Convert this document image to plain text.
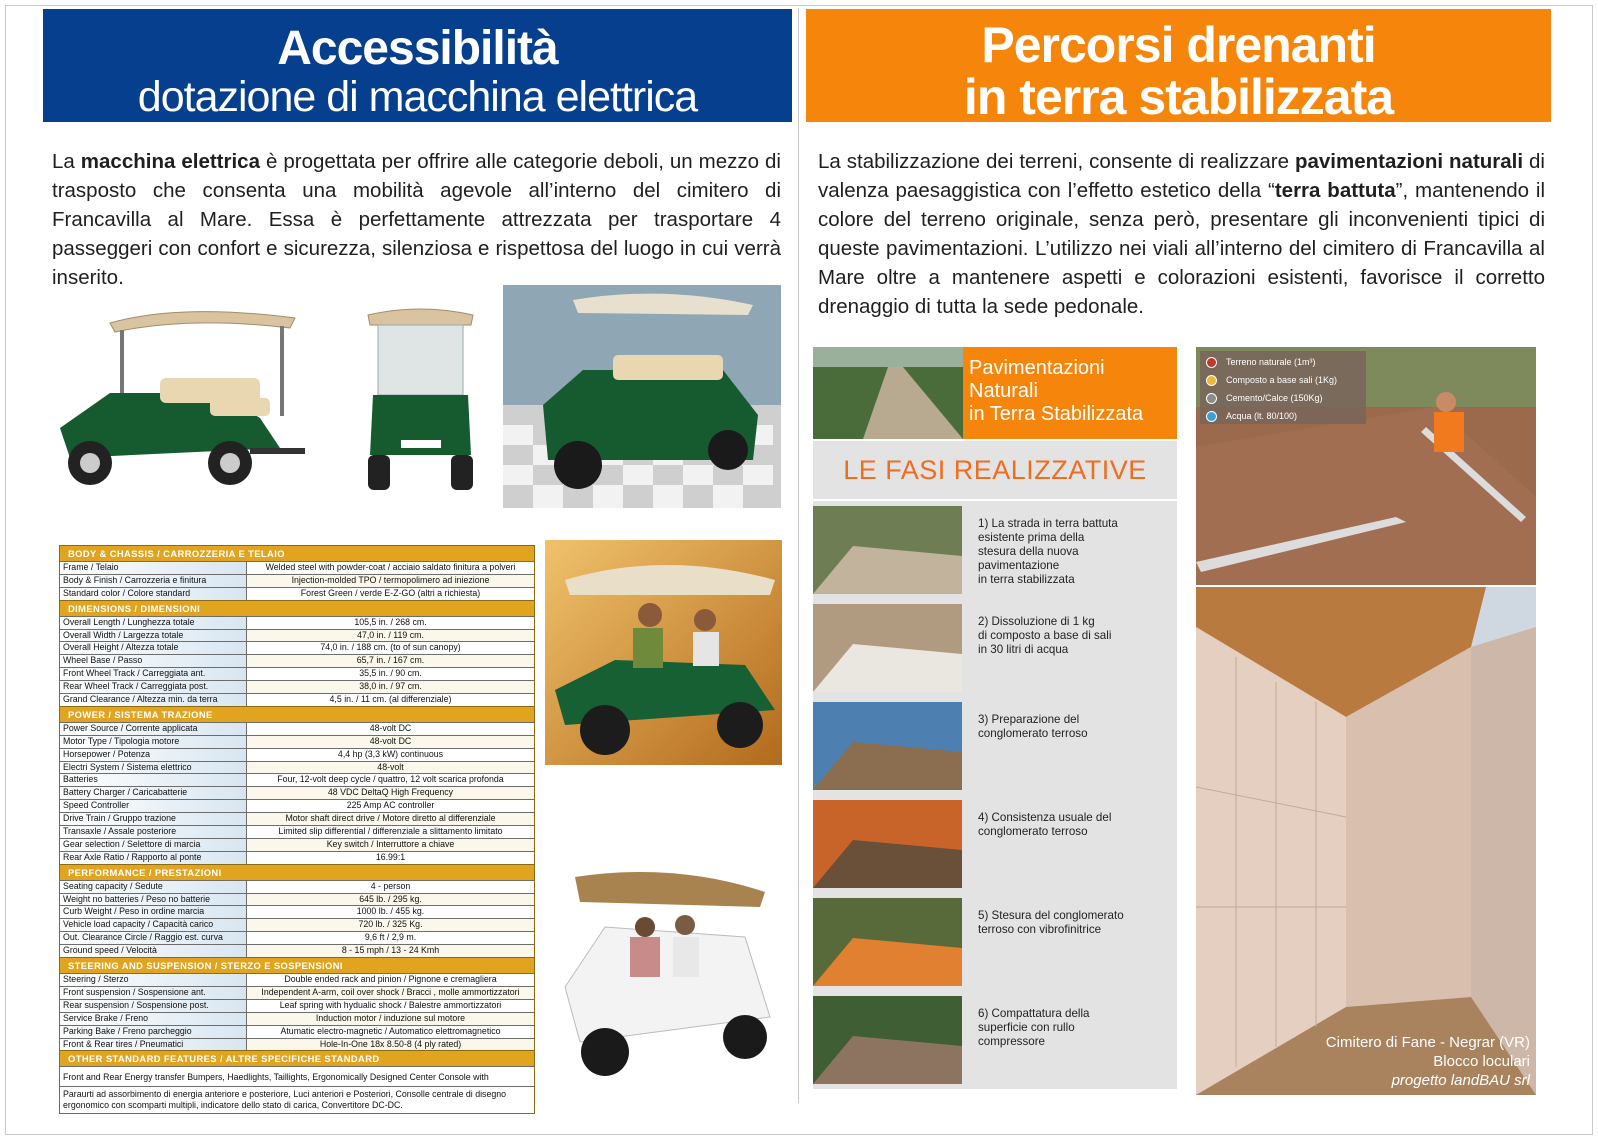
Accessibilità
dotazione di macchina elettrica
Percorsi drenanti
in terra stabilizzata
La macchina elettrica è progettata per offrire alle categorie deboli, un mezzo di trasposto che consenta una mobilità agevole all’interno del cimitero di Francavilla al Mare. Essa è perfettamente attrezzata per trasportare 4 passeggeri con confort e sicurezza, silenziosa e rispettosa del luogo in cui verrà inserito.
La stabilizzazione dei terreni, consente di realizzare pavimentazioni naturali di valenza paesaggistica con l’effetto estetico della “terra battuta”, mantenendo il colore del terreno originale, senza però, presentare gli inconvenienti tipici di queste pavimentazioni. L’utilizzo nei viali all’interno del cimitero di Francavilla al Mare oltre a mantenere aspetti e colorazioni esistenti, favorisce il corretto drenaggio di tutta la sede pedonale.
BODY & CHASSIS / CARROZZERIA E TELAIO
Frame / Telaio	Welded steel with powder-coat / acciaio saldato finitura a polveri
Body & Finish / Carrozzeria e finitura	Injection-molded TPO / termopolimero ad iniezione
Standard color / Colore standard	Forest Green / verde E-Z-GO (altri a richiesta)
DIMENSIONS / DIMENSIONI
Overall Length / Lunghezza totale	105,5 in. / 268 cm.
Overall Width / Largezza totale	47,0 in. / 119 cm.
Overall Height / Altezza totale	74,0 in. / 188 cm. (to of sun canopy)
Wheel Base / Passo	65,7 in. / 167 cm.
Front Wheel Track / Carreggiata ant.	35,5 in. / 90 cm.
Rear Wheel Track / Carreggiata post.	38,0 in. / 97 cm.
Grand Clearance / Altezza min. da terra	4,5 in. / 11 cm. (al differenziale)
POWER / SISTEMA TRAZIONE
Power Source / Corrente applicata	48-volt DC
Motor Type / Tipologia motore	48-volt DC
Horsepower / Potenza	4,4 hp (3,3 kW) continuous
Electri System / Sistema elettrico	48-volt
Batteries	Four, 12-volt deep cycle / quattro, 12 volt scarica profonda
Battery Charger / Caricabatterie	48 VDC DeltaQ High Frequency
Speed Controller	225 Amp AC controller
Drive Train / Gruppo trazione	Motor shaft direct drive / Motore diretto al differenziale
Transaxle / Assale posteriore	Limited slip differential / differenziale a slittamento limitato
Gear selection / Selettore di marcia	Key switch / Interruttore a chiave
Rear Axle Ratio / Rapporto al ponte	16.99:1
PERFORMANCE / PRESTAZIONI
Seating capacity / Sedute	4 - person
Weight no batteries / Peso no batterie	645 lb. / 295 kg.
Curb Weight / Peso in ordine marcia	1000 lb. / 455 kg.
Vehicle load capacity / Capacità carico	720 lb. / 325 Kg.
Out. Clearance Circle / Raggio est. curva	9,6 ft / 2,9 m.
Ground speed / Velocità	8 - 15 mph / 13 - 24 Kmh
STEERING AND SUSPENSION / STERZO E SOSPENSIONI
Steering / Sterzo	Double ended rack and pinion / Pignone e cremagliera
Front suspension / Sospensione ant.	Independent A-arm, coil over shock / Bracci , molle ammortizzatori
Rear suspension / Sospensione post.	Leaf spring with hydualic shock / Balestre ammortizzatori
Service Brake / Freno	Induction motor / induzione sul motore
Parking Bake / Freno parcheggio	Atumatic electro-magnetic / Automatico elettromagnetico
Front & Rear tires / Pneumatici	Hole-In-One 18x 8.50-8 (4 ply rated)
OTHER STANDARD FEATURES / ALTRE SPECIFICHE STANDARD
Front and Rear Energy transfer Bumpers, Haedlights, Taillights, Ergonomically Designed Center Console with
Paraurti ad assorbimento di energia anteriore e posteriore, Luci anteriori e Posteriori, Consolle centrale di disegno ergonomico con scomparti multipli, indicatore dello stato di carica, Convertitore DC-DC.
Pavimentazioni
Naturali
in Terra Stabilizzata
LE FASI REALIZZATIVE
1) La strada in terra battuta
esistente prima della
stesura della nuova
pavimentazione
in terra stabilizzata
2) Dissoluzione di 1 kg
di composto a base di sali
in 30 litri di acqua
3) Preparazione del
conglomerato terroso
4) Consistenza usuale del
conglomerato terroso
5) Stesura del conglomerato
terroso con vibrofinitrice
6) Compattatura della
superficie con rullo
compressore
Terreno naturale (1m³)
Composto a base sali (1Kg)
Cemento/Calce (150Kg)
Acqua (lt. 80/100)
Cimitero di Fane - Negrar (VR)
Blocco loculari
progetto landBAU srl
